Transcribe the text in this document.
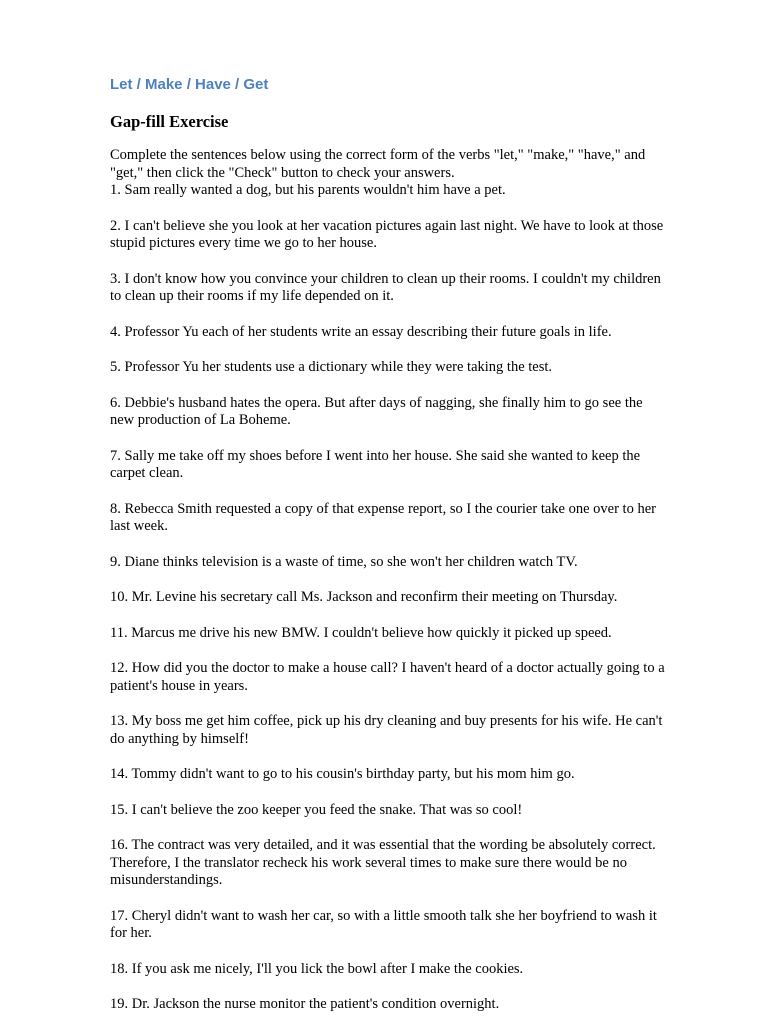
Let / Make / Have / Get
Gap-fill Exercise
Complete the sentences below using the correct form of the verbs "let," "make," "have," and "get," then click the "Check" button to check your answers.

1. Sam really wanted a dog, but his parents wouldn't him have a pet.

2. I can't believe she you look at her vacation pictures again last night. We have to look at those stupid pictures every time we go to her house.

3. I don't know how you convince your children to clean up their rooms. I couldn't my children to clean up their rooms if my life depended on it.

4. Professor Yu each of her students write an essay describing their future goals in life.

5. Professor Yu her students use a dictionary while they were taking the test.

6. Debbie's husband hates the opera. But after days of nagging, she finally him to go see the new production of La Boheme.

7. Sally me take off my shoes before I went into her house. She said she wanted to keep the carpet clean.

8. Rebecca Smith requested a copy of that expense report, so I the courier take one over to her last week.

9. Diane thinks television is a waste of time, so she won't her children watch TV.

10. Mr. Levine his secretary call Ms. Jackson and reconfirm their meeting on Thursday.

11. Marcus me drive his new BMW. I couldn't believe how quickly it picked up speed.

12. How did you the doctor to make a house call? I haven't heard of a doctor actually going to a patient's house in years.

13. My boss me get him coffee, pick up his dry cleaning and buy presents for his wife. He can't do anything by himself!

14. Tommy didn't want to go to his cousin's birthday party, but his mom him go.

15. I can't believe the zoo keeper you feed the snake. That was so cool!

16. The contract was very detailed, and it was essential that the wording be absolutely correct. Therefore, I the translator recheck his work several times to make sure there would be no misunderstandings.

17. Cheryl didn't want to wash her car, so with a little smooth talk she her boyfriend to wash it for her.

18. If you ask me nicely, I'll you lick the bowl after I make the cookies.

19. Dr. Jackson the nurse monitor the patient's condition overnight.
